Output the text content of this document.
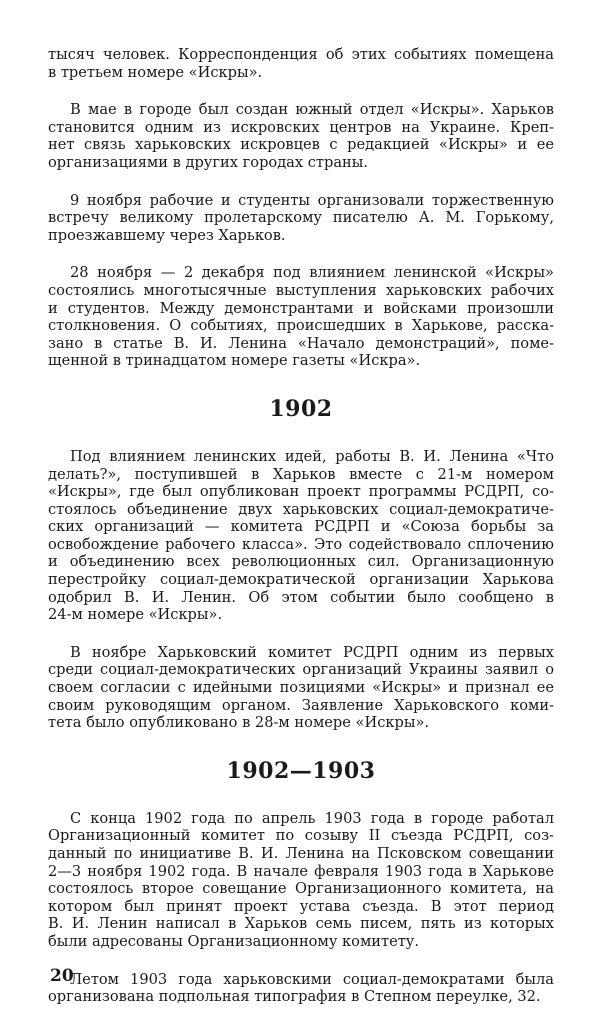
тысяч человек. Корреспонденция об этих событиях помещена
в третьем номере «Искры».

В мае в городе был создан южный отдел «Искры». Харьков
становится одним из искровских центров на Украине. Креп-
нет связь харьковских искровцев с редакцией «Искры» и ее
организациями в других городах страны.

9 ноября рабочие и студенты организовали торжественную
встречу великому пролетарскому писателю А. М. Горькому,
проезжавшему через Харьков.

28 ноября — 2 декабря под влиянием ленинской «Искры»
состоялись многотысячные выступления харьковских рабочих
и студентов. Между демонстрантами и войсками произошли
столкновения. О событиях, происшедших в Харькове, расска-
зано в статье В. И. Ленина «Начало демонстраций», поме-
щенной в тринадцатом номере газеты «Искра».

1902

Под влиянием ленинских идей, работы В. И. Ленина «Что
делать?», поступившей в Харьков вместе с 21-м номером
«Искры», где был опубликован проект программы РСДРП, со-
стоялось объединение двух харьковских социал-демократиче-
ских организаций — комитета РСДРП и «Союза борьбы за
освобождение рабочего класса». Это содействовало сплочению
и объединению всех революционных сил. Организационную
перестройку социал-демократической организации Харькова
одобрил В. И. Ленин. Об этом событии было сообщено в
24-м номере «Искры».

В ноябре Харьковский комитет РСДРП одним из первых
среди социал-демократических организаций Украины заявил о
своем согласии с идейными позициями «Искры» и признал ее
своим руководящим органом. Заявление Харьковского коми-
тета было опубликовано в 28-м номере «Искры».

1902—1903

С конца 1902 года по апрель 1903 года в городе работал
Организационный комитет по созыву II съезда РСДРП, соз-
данный по инициативе В. И. Ленина на Псковском совещании
2—3 ноября 1902 года. В начале февраля 1903 года в Харькове
состоялось второе совещание Организационного комитета, на
котором был принят проект устава съезда. В этот период
В. И. Ленин написал в Харьков семь писем, пять из которых
были адресованы Организационному комитету.

Летом 1903 года харьковскими социал-демократами была
организована подпольная типография в Степном переулке, 32.

20
